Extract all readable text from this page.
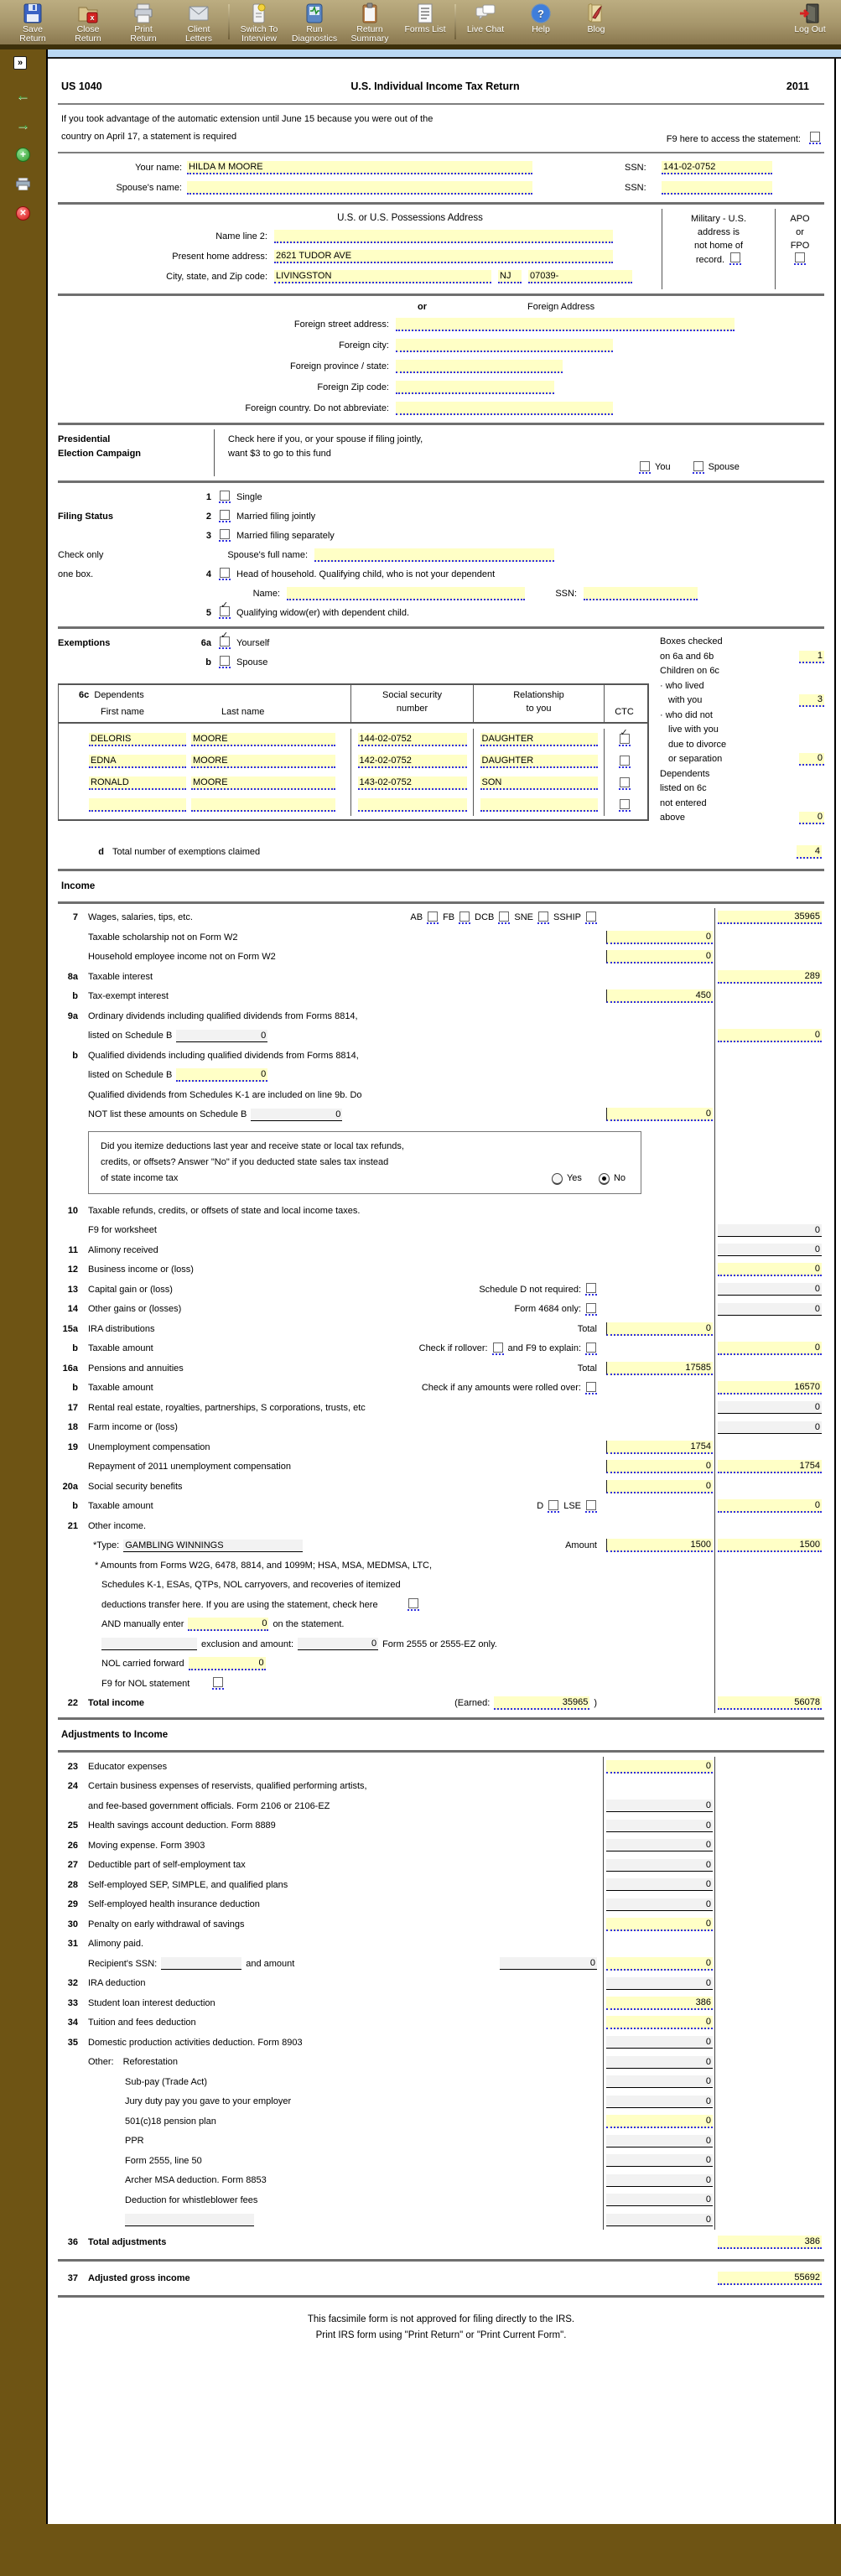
Save
Return
x
Close
Return
Print
Return
Client
Letters
Switch To
Interview
Run
Diagnostics
Return
Summary
Forms List Live Chat
?
Help	Blog	Log Out
»
←
→
+
✕
US 1040	U.S. Individual Income Tax Return	2011
If you took advantage of the automatic extension until June 15 because you were out of the
country on April 17, a statement is required	F9 here to access the statement:
Your name: HILDA M MOORE	SSN:	141-02-0752
Spouse's name:	SSN:
U.S. or U.S. Possessions Address
Name line 2:
Present home address: 2621 TUDOR AVE
City, state, and Zip code: LIVINGSTON	NJ	07039-
Military - U.S.
address is
not home of
record.
APO
or
FPO

or	Foreign Address
Foreign street address:
Foreign city:
Foreign province / state:
Foreign Zip code:
Foreign country. Do not abbreviate:
Presidential
Election Campaign
Check here if you, or your spouse if filing jointly,
want $3 to go to this fund
You	Spouse
1	Single
Filing Status	2	Married filing jointly
3	Married filing separately
Check only	Spouse's full name:
one box.	4	Head of household. Qualifying child, who is not your dependent
Name:	SSN:
5 ✓	Qualifying widow(er) with dependent child.
Exemptions	6a ✓	Yourself
b	Spouse
6c Dependents
First name	Last name
Social security
number
Relationship
to you	CTC
DELORIS	MOORE	144-02-0752	DAUGHTER
✓
EDNA	MOORE	142-02-0752	DAUGHTER
RONALD	MOORE	143-02-0752	SON
Boxes checked
on 6a and 6b	1
Children on 6c
· who lived
with you	3
· who did not
live with you
due to divorce
or separation	0
Dependents
listed on 6c
not entered
above	0
d Total number of exemptions claimed	4
Income
7	Wages, salaries, tips, etc.	AB FB DCB SNE SSHIP	35965
Taxable scholarship not on Form W2	0
Household employee income not on Form W2	0
8a	Taxable interest	289
b	Tax-exempt interest	450
9a	Ordinary dividends including qualified dividends from Forms 8814,
listed on Schedule B	0	0
b	Qualified dividends including qualified dividends from Forms 8814,
listed on Schedule B	0
Qualified dividends from Schedules K-1 are included on line 9b. Do
NOT list these amounts on Schedule B	0	0
Did you itemize deductions last year and receive state or local tax refunds,
credits, or offsets? Answer "No" if you deducted state sales tax instead
of state income tax	Yes	No
10	Taxable refunds, credits, or offsets of state and local income taxes.
F9 for worksheet	0
11	Alimony received	0
12	Business income or (loss)	0
13	Capital gain or (loss)	Schedule D not required:	0
14	Other gains or (losses)	Form 4684 only:	0
15a	IRA distributions	Total	0
b	Taxable amount	Check if rollover: and F9 to explain:	0
16a	Pensions and annuities	Total	17585
b	Taxable amount	Check if any amounts were rolled over:	16570
17	Rental real estate, royalties, partnerships, S corporations, trusts, etc	0
18	Farm income or (loss)	0
19	Unemployment compensation	1754
Repayment of 2011 unemployment compensation	0	1754
20a	Social security benefits	0
b	Taxable amount	D LSE	0
21	Other income.
*Type: GAMBLING WINNINGS	Amount	1500	1500
* Amounts from Forms W2G, 6478, 8814, and 1099M; HSA, MSA, MEDMSA, LTC,
Schedules K-1, ESAs, QTPs, NOL carryovers, and recoveries of itemized
deductions transfer here. If you are using the statement, check here
AND manually enter	0 on the statement.
exclusion and amount:	0 Form 2555 or 2555-EZ only.
NOL carried forward	0
F9 for NOL statement
22	Total income	(Earned:	35965 )	56078
Adjustments to Income
23	Educator expenses	0
24	Certain business expenses of reservists, qualified performing artists,
and fee-based government officials. Form 2106 or 2106-EZ	0
25	Health savings account deduction. Form 8889	0
26	Moving expense. Form 3903	0
27	Deductible part of self-employment tax	0
28	Self-employed SEP, SIMPLE, and qualified plans	0
29	Self-employed health insurance deduction	0
30	Penalty on early withdrawal of savings	0
31	Alimony paid.
Recipient's SSN:	and amount	0	0
32	IRA deduction	0
33	Student loan interest deduction	386
34	Tuition and fees deduction	0
35	Domestic production activities deduction. Form 8903	0
Other: Reforestation	0
Sub-pay (Trade Act)	0
Jury duty pay you gave to your employer	0
501(c)18 pension plan	0
PPR	0
Form 2555, line 50	0
Archer MSA deduction. Form 8853	0
Deduction for whistleblower fees	0
0
36	Total adjustments	386
37	Adjusted gross income	55692
This facsimile form is not approved for filing directly to the IRS.
Print IRS form using "Print Return" or "Print Current Form".
